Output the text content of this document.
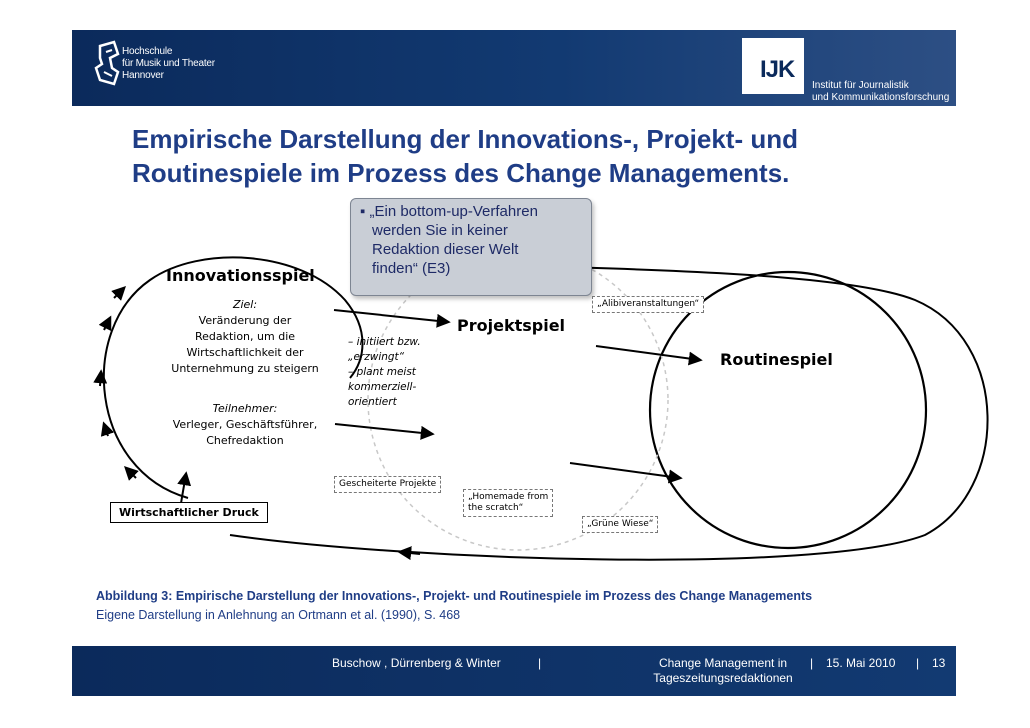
Hochschule
für Musik und Theater
Hannover	IJK
Institut für Journalistik
und Kommunikationsforschung
Empirische Darstellung der Innovations-, Projekt- und
Routinespiele im Prozess des Change Managements.
▪ „Ein bottom-up-Verfahren
werden Sie in keiner
Redaktion dieser Welt
finden“ (E3)
Innovationsspiel
Ziel:
Veränderung der
Redaktion, um die
Wirtschaftlichkeit der
Unternehmung zu steigern
Teilnehmer:
Verleger, Geschäftsführer,
Chefredaktion
– initiiert bzw.
„erzwingt“
– plant meist
kommerziell-
orientiert
Projektspiel
Routinespiel
„Alibiveranstaltungen“
Gescheiterte Projekte
„Homemade from
the scratch“
„Grüne Wiese“
Wirtschaftlicher Druck
Abbildung 3: Empirische Darstellung der Innovations-, Projekt- und Routinespiele im Prozess des Change Managements
Eigene Darstellung in Anlehnung an Ortmann et al. (1990), S. 468
Buschow , Dürrenberg & Winter	|	Change Management in
Tageszeitungsredaktionen
| 15. Mai 2010 | 13
